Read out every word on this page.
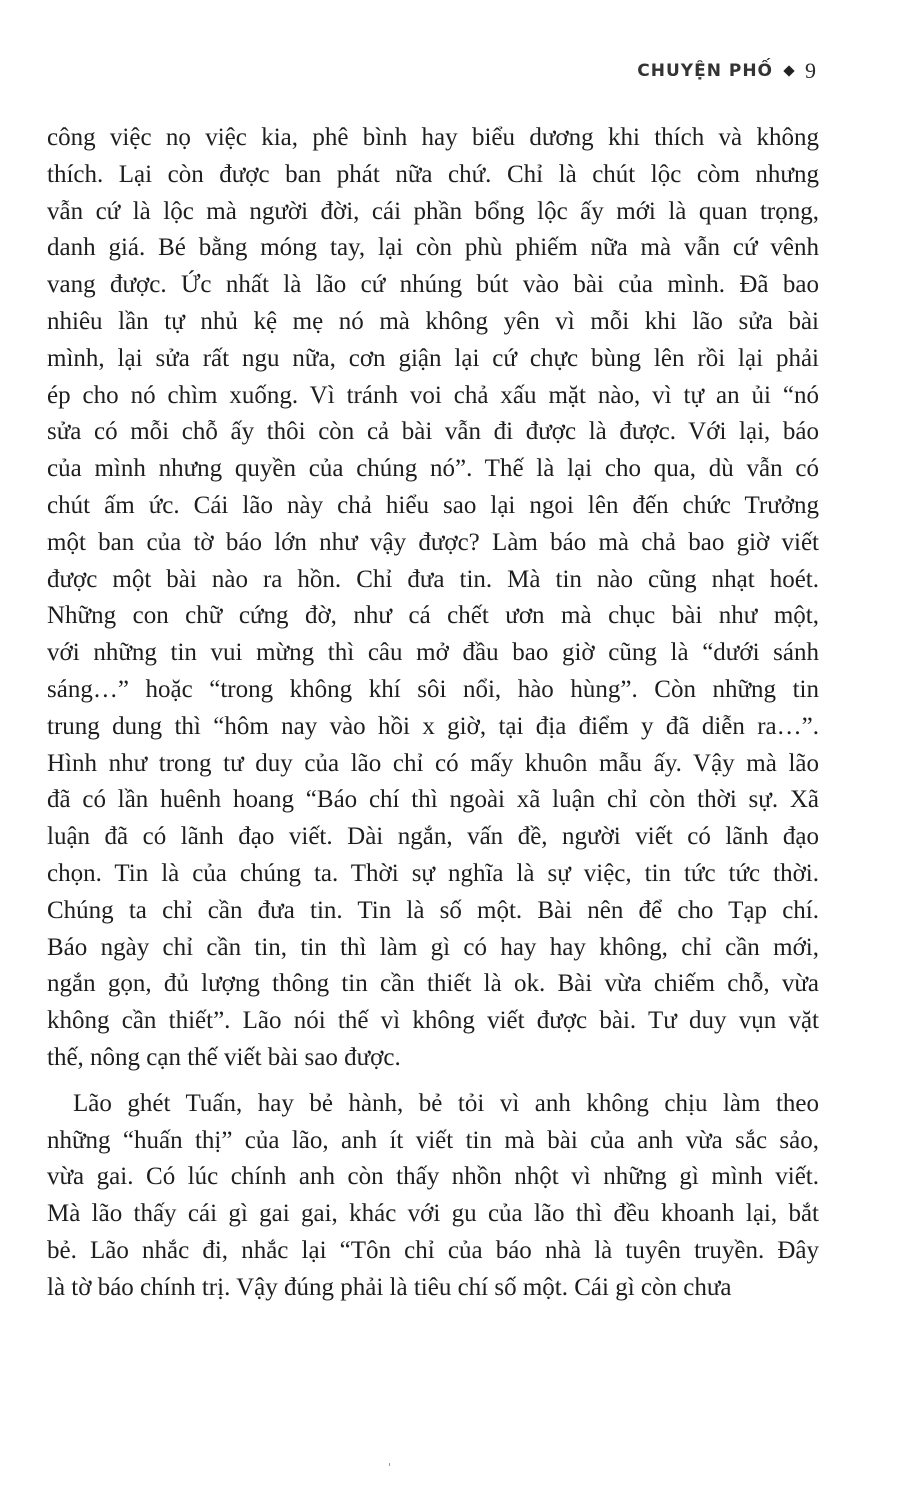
CHUYỆN PHỐ 9
công việc nọ việc kia, phê bình hay biểu dương khi thích và không
thích. Lại còn được ban phát nữa chứ. Chỉ là chút lộc còm nhưng
vẫn cứ là lộc mà người đời, cái phần bổng lộc ấy mới là quan trọng,
danh giá. Bé bằng móng tay, lại còn phù phiếm nữa mà vẫn cứ vênh
vang được. Ức nhất là lão cứ nhúng bút vào bài của mình. Đã bao
nhiêu lần tự nhủ kệ mẹ nó mà không yên vì mỗi khi lão sửa bài
mình, lại sửa rất ngu nữa, cơn giận lại cứ chực bùng lên rồi lại phải
ép cho nó chìm xuống. Vì tránh voi chả xấu mặt nào, vì tự an ủi “nó
sửa có mỗi chỗ ấy thôi còn cả bài vẫn đi được là được. Với lại, báo
của mình nhưng quyền của chúng nó”. Thế là lại cho qua, dù vẫn có
chút ấm ức. Cái lão này chả hiểu sao lại ngoi lên đến chức Trưởng
một ban của tờ báo lớn như vậy được? Làm báo mà chả bao giờ viết
được một bài nào ra hồn. Chỉ đưa tin. Mà tin nào cũng nhạt hoét.
Những con chữ cứng đờ, như cá chết ươn mà chục bài như một,
với những tin vui mừng thì câu mở đầu bao giờ cũng là “dưới sánh
sáng…” hoặc “trong không khí sôi nổi, hào hùng”. Còn những tin
trung dung thì “hôm nay vào hồi x giờ, tại địa điểm y đã diễn ra…”.
Hình như trong tư duy của lão chỉ có mấy khuôn mẫu ấy. Vậy mà lão
đã có lần huênh hoang “Báo chí thì ngoài xã luận chỉ còn thời sự. Xã
luận đã có lãnh đạo viết. Dài ngắn, vấn đề, người viết có lãnh đạo
chọn. Tin là của chúng ta. Thời sự nghĩa là sự việc, tin tức tức thời.
Chúng ta chỉ cần đưa tin. Tin là số một. Bài nên để cho Tạp chí.
Báo ngày chỉ cần tin, tin thì làm gì có hay hay không, chỉ cần mới,
ngắn gọn, đủ lượng thông tin cần thiết là ok. Bài vừa chiếm chỗ, vừa
không cần thiết”. Lão nói thế vì không viết được bài. Tư duy vụn vặt
thế, nông cạn thế viết bài sao được.
Lão ghét Tuấn, hay bẻ hành, bẻ tỏi vì anh không chịu làm theo
những “huấn thị” của lão, anh ít viết tin mà bài của anh vừa sắc sảo,
vừa gai. Có lúc chính anh còn thấy nhồn nhột vì những gì mình viết.
Mà lão thấy cái gì gai gai, khác với gu của lão thì đều khoanh lại, bắt
bẻ. Lão nhắc đi, nhắc lại “Tôn chỉ của báo nhà là tuyên truyền. Đây
là tờ báo chính trị. Vậy đúng phải là tiêu chí số một. Cái gì còn chưa
